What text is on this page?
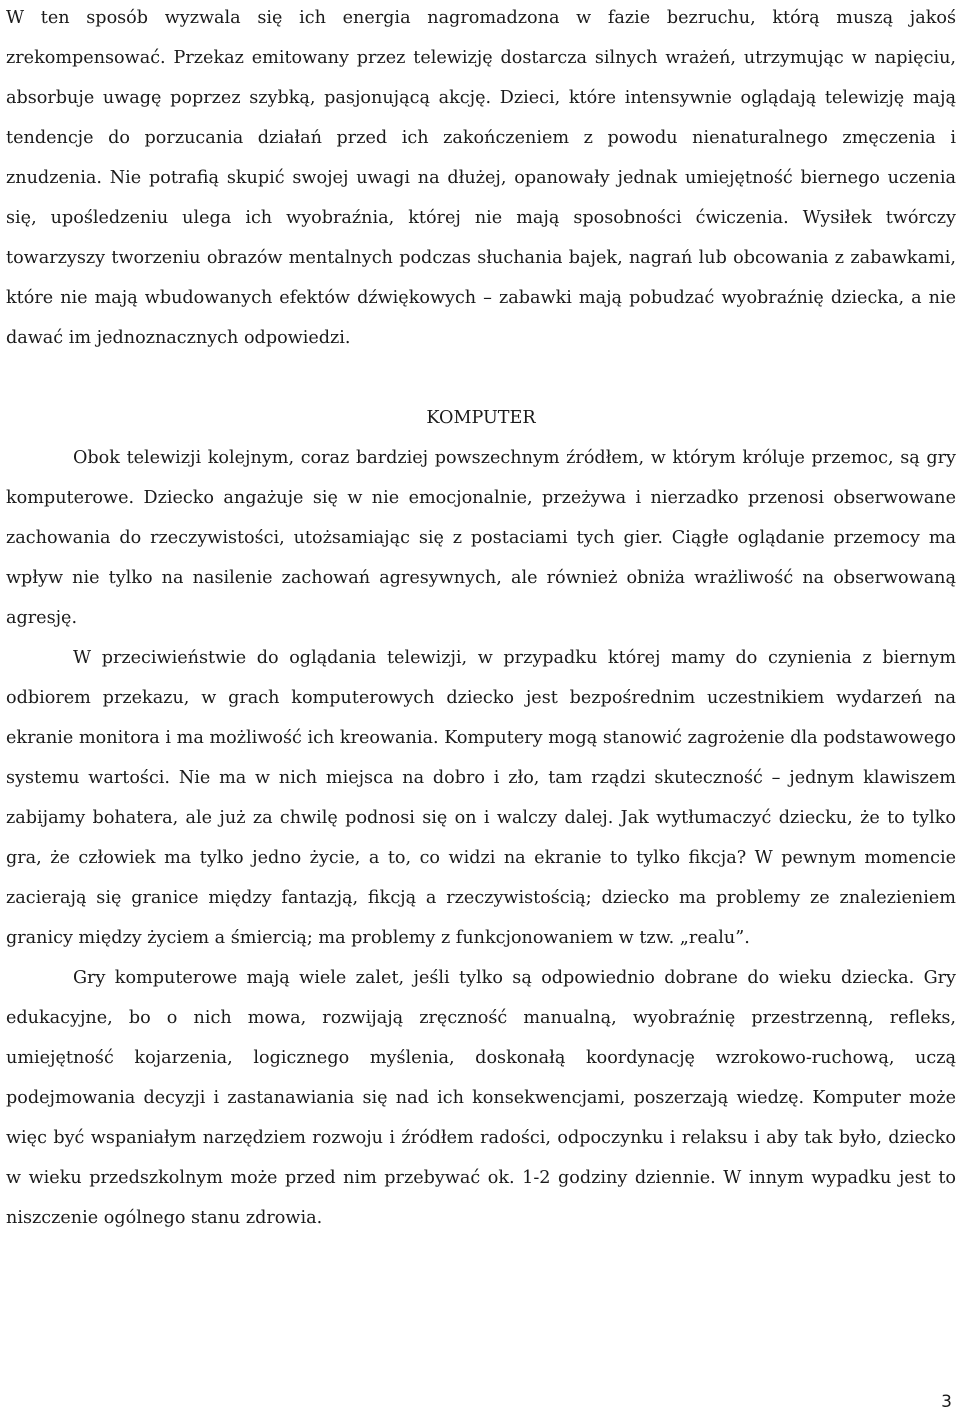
W ten sposób wyzwala się ich energia nagromadzona w fazie bezruchu, którą muszą jakoś zrekompensować. Przekaz emitowany przez telewizję dostarcza silnych wrażeń, utrzymując w napięciu, absorbuje uwagę poprzez szybką, pasjonującą akcję. Dzieci, które intensywnie oglądają telewizję mają tendencje do porzucania działań przed ich zakończeniem z powodu nienaturalnego zmęczenia i znudzenia. Nie potrafią skupić swojej uwagi na dłużej, opanowały jednak umiejętność biernego uczenia się, upośledzeniu ulega ich wyobraźnia, której nie mają sposobności ćwiczenia. Wysiłek twórczy towarzyszy tworzeniu obrazów mentalnych podczas słuchania bajek, nagrań lub obcowania z zabawkami, które nie mają wbudowanych efektów dźwiękowych – zabawki mają pobudzać wyobraźnię dziecka, a nie dawać im jednoznacznych odpowiedzi.

KOMPUTER

Obok telewizji kolejnym, coraz bardziej powszechnym źródłem, w którym króluje przemoc, są gry komputerowe. Dziecko angażuje się w nie emocjonalnie, przeżywa i nierzadko przenosi obserwowane zachowania do rzeczywistości, utożsamiając się z postaciami tych gier. Ciągłe oglądanie przemocy ma wpływ nie tylko na nasilenie zachowań agresywnych, ale również obniża wrażliwość na obserwowaną agresję.

W przeciwieństwie do oglądania telewizji, w przypadku której mamy do czynienia z biernym odbiorem przekazu, w grach komputerowych dziecko jest bezpośrednim uczestnikiem wydarzeń na ekranie monitora i ma możliwość ich kreowania. Komputery mogą stanowić zagrożenie dla podstawowego systemu wartości. Nie ma w nich miejsca na dobro i zło, tam rządzi skuteczność – jednym klawiszem zabijamy bohatera, ale już za chwilę podnosi się on i walczy dalej. Jak wytłumaczyć dziecku, że to tylko gra, że człowiek ma tylko jedno życie, a to, co widzi na ekranie to tylko fikcja? W pewnym momencie zacierają się granice między fantazją, fikcją a rzeczywistością; dziecko ma problemy ze znalezieniem granicy między życiem a śmiercią; ma problemy z funkcjonowaniem w tzw. „realu”.

Gry komputerowe mają wiele zalet, jeśli tylko są odpowiednio dobrane do wieku dziecka. Gry edukacyjne, bo o nich mowa, rozwijają zręczność manualną, wyobraźnię przestrzenną, refleks, umiejętność kojarzenia, logicznego myślenia, doskonałą koordynację wzrokowo-ruchową, uczą podejmowania decyzji i zastanawiania się nad ich konsekwencjami, poszerzają wiedzę. Komputer może więc być wspaniałym narzędziem rozwoju i źródłem radości, odpoczynku i relaksu i aby tak było, dziecko w wieku przedszkolnym może przed nim przebywać ok. 1-2 godziny dziennie. W innym wypadku jest to niszczenie ogólnego stanu zdrowia.

3
